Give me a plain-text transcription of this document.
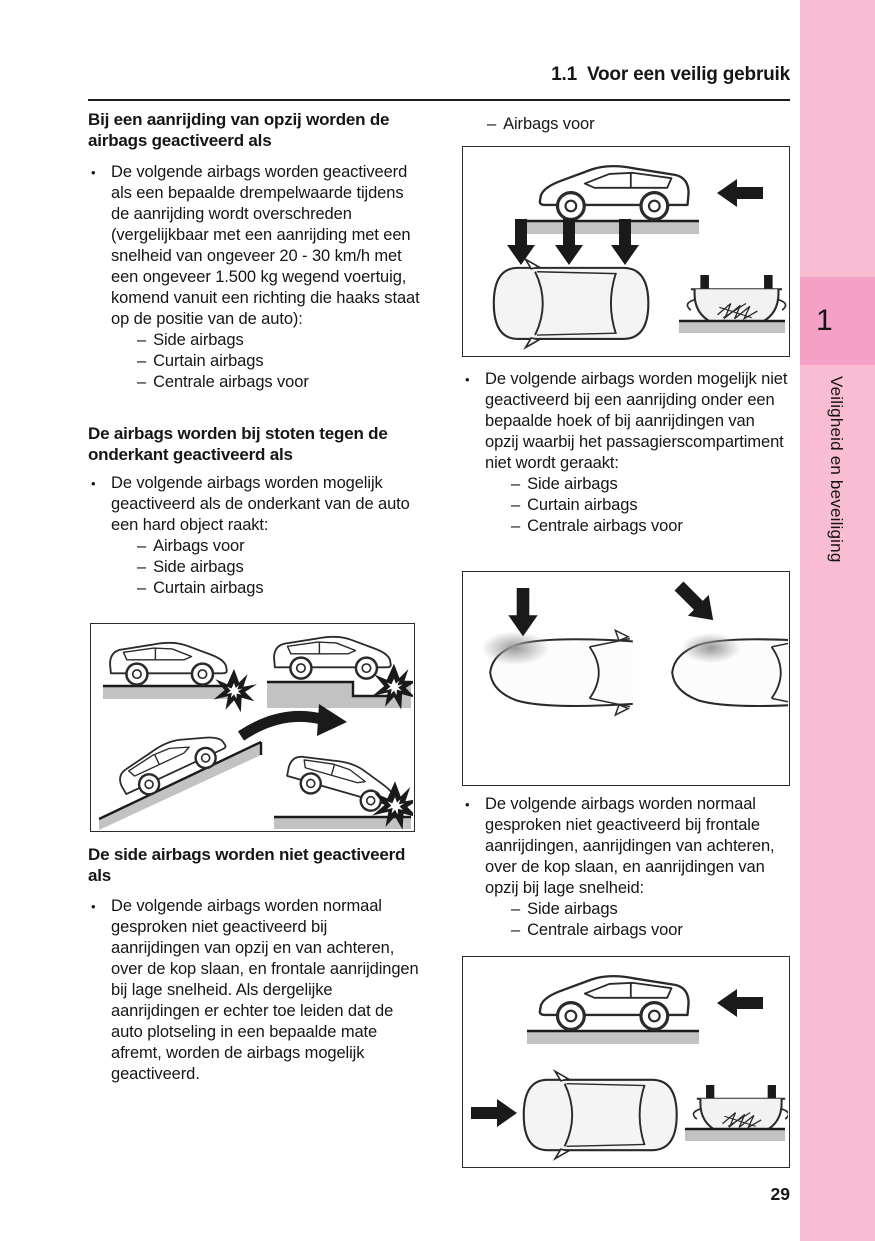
1.1 Voor een veilig gebruik
Bij een aanrijding van opzij worden de airbags geactiveerd als
• De volgende airbags worden geactiveerd als een bepaalde drempelwaarde tijdens de aanrijding wordt overschreden (vergelijkbaar met een aanrijding met een snelheid van ongeveer 20 - 30 km/h met een ongeveer 1.500 kg wegend voertuig, komend vanuit een richting die haaks staat op de positie van de auto):
– Side airbags
– Curtain airbags
– Centrale airbags voor
De airbags worden bij stoten tegen de onderkant geactiveerd als
• De volgende airbags worden mogelijk geactiveerd als de onderkant van de auto een hard object raakt:
– Airbags voor
– Side airbags
– Curtain airbags
De side airbags worden niet geactiveerd als
• De volgende airbags worden normaal gesproken niet geactiveerd bij aanrijdingen van opzij en van achteren, over de kop slaan, en frontale aanrijdingen bij lage snelheid. Als dergelijke aanrijdingen er echter toe leiden dat de auto plotseling in een bepaalde mate afremt, worden de airbags mogelijk geactiveerd.
– Airbags voor
• De volgende airbags worden mogelijk niet geactiveerd bij een aanrijding onder een bepaalde hoek of bij aanrijdingen van opzij waarbij het passagierscompartiment niet wordt geraakt:
– Side airbags
– Curtain airbags
– Centrale airbags voor
• De volgende airbags worden normaal gesproken niet geactiveerd bij frontale aanrijdingen, aanrijdingen van achteren, over de kop slaan, en aanrijdingen van opzij bij lage snelheid:
– Side airbags
– Centrale airbags voor
1
Veiligheid en beveiliging
29
